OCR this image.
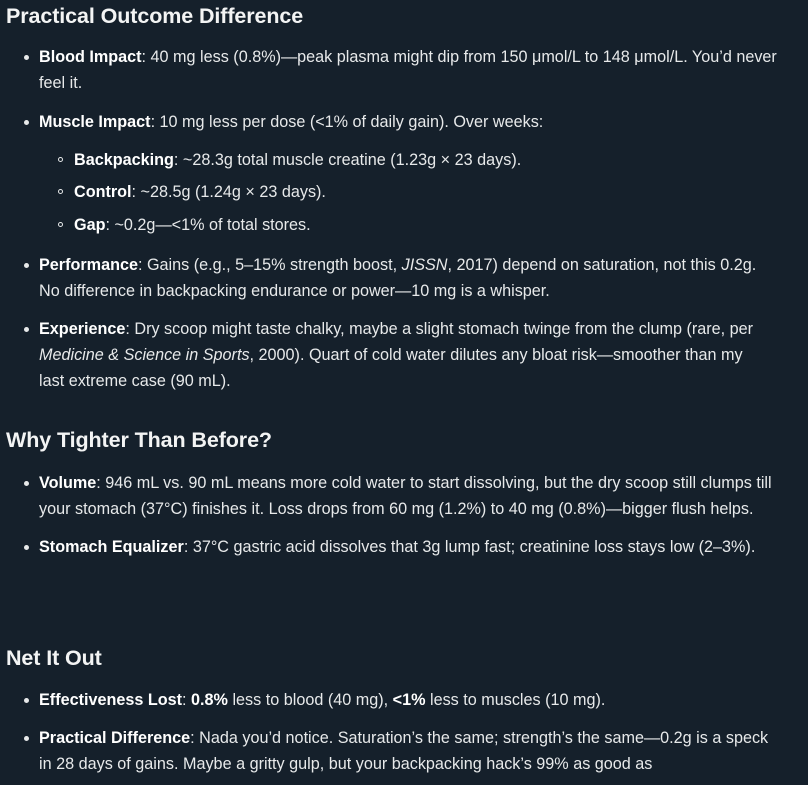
Practical Outcome Difference
Blood Impact: 40 mg less (0.8%)—peak plasma might dip from 150 μmol/L to 148 μmol/L. You’d never feel it.
Muscle Impact: 10 mg less per dose (<1% of daily gain). Over weeks:
Backpacking: ~28.3g total muscle creatine (1.23g × 23 days).
Control: ~28.5g (1.24g × 23 days).
Gap: ~0.2g—<1% of total stores.
Performance: Gains (e.g., 5–15% strength boost, JISSN, 2017) depend on saturation, not this 0.2g. No difference in backpacking endurance or power—10 mg is a whisper.
Experience: Dry scoop might taste chalky, maybe a slight stomach twinge from the clump (rare, per Medicine & Science in Sports, 2000). Quart of cold water dilutes any bloat risk—smoother than my last extreme case (90 mL).
Why Tighter Than Before?
Volume: 946 mL vs. 90 mL means more cold water to start dissolving, but the dry scoop still clumps till your stomach (37°C) finishes it. Loss drops from 60 mg (1.2%) to 40 mg (0.8%)—bigger flush helps.
Stomach Equalizer: 37°C gastric acid dissolves that 3g lump fast; creatinine loss stays low (2–3%).
Net It Out
Effectiveness Lost: 0.8% less to blood (40 mg), <1% less to muscles (10 mg).
Practical Difference: Nada you’d notice. Saturation’s the same; strength’s the same—0.2g is a speck in 28 days of gains. Maybe a gritty gulp, but your backpacking hack’s 99% as good as
